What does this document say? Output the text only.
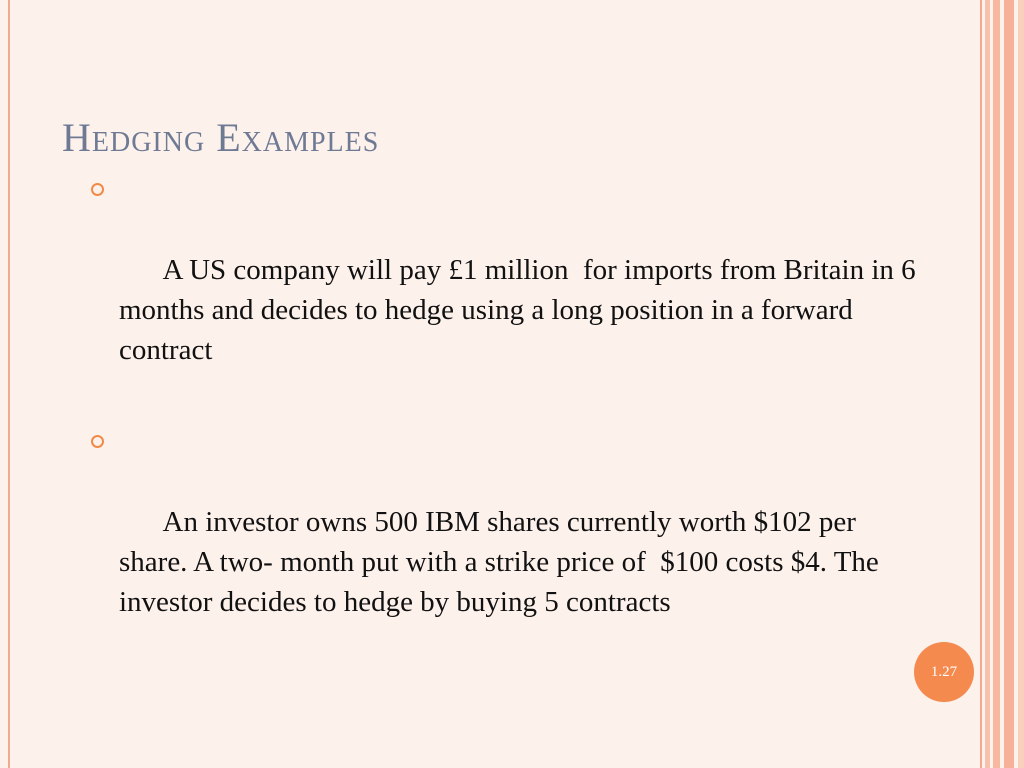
Hedging Examples

A US company will pay £1 million  for imports from Britain in 6 months and decides to hedge using a long position in a forward contract

An investor owns 500 IBM shares currently worth $102 per share. A two- month put with a strike price of  $100 costs $4. The investor decides to hedge by buying 5 contracts

1.27
